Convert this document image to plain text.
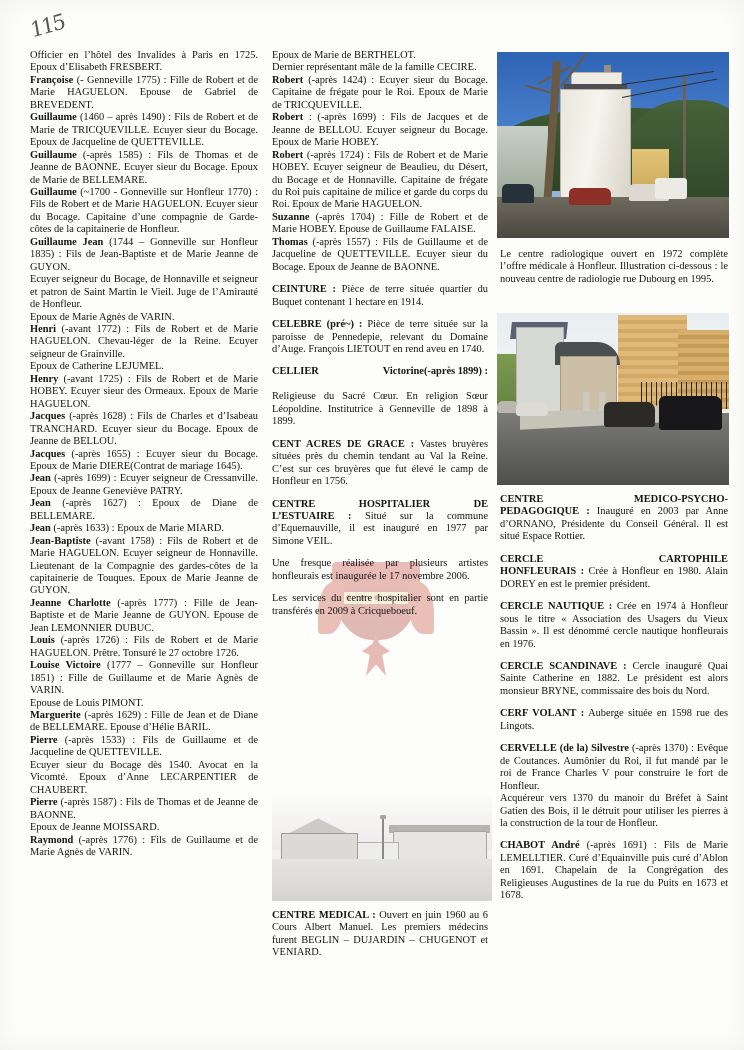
115

Officier en l’hôtel des Invalides à Paris en 1725. Epoux d’Elisabeth FRESBERT.

Françoise (- Genneville 1775) : Fille de Robert et de Marie HAGUELON. Epouse de Gabriel de BREVEDENT.

Guillaume (1460 – après 1490) : Fils de Robert et de Marie de TRICQUEVILLE. Ecuyer sieur du Bocage. Epoux de Jacqueline de QUETTEVILLE.

Guillaume (-après 1585) : Fils de Thomas et de Jeanne de BAONNE. Ecuyer sieur du Bocage. Epoux de Marie de BELLEMARE.

Guillaume (~1700 - Gonneville sur Honfleur 1770) : Fils de Robert et de Marie HAGUELON. Ecuyer sieur du Bocage. Capitaine d’une compagnie de Garde-côtes de la capitainerie de Honfleur.

Guillaume Jean (1744 – Gonneville sur Honfleur 1835) : Fils de Jean-Baptiste et de Marie Jeanne de GUYON.

Ecuyer seigneur du Bocage, de Honnaville et seigneur et patron de Saint Martin le Vieil. Juge de l’Amirauté de Honfleur.

Epoux de Marie Agnès de VARIN.

Henri (-avant 1772) : Fils de Robert et de Marie HAGUELON. Chevau-léger de la Reine. Ecuyer seigneur de Grainville.

Epoux de Catherine LEJUMEL.

Henry (-avant 1725) : Fils de Robert et de Marie HOBEY. Ecuyer sieur des Ormeaux. Epoux de Marie HAGUELON.

Jacques (-après 1628) : Fils de Charles et d’Isabeau TRANCHARD. Ecuyer sieur du Bocage. Epoux de Jeanne de BELLOU.

Jacques (-après 1655) : Ecuyer sieur du Bocage. Epoux de Marie DIERE(Contrat de mariage 1645).

Jean (-après 1699) : Ecuyer seigneur de Cressanville. Epoux de Jeanne Geneviève PATRY.

Jean (-après 1627) : Epoux de Diane de BELLEMARE.

Jean (-après 1633) : Epoux de Marie MIARD.

Jean-Baptiste (-avant 1758) : Fils de Robert et de Marie HAGUELON. Ecuyer seigneur de Honnaville. Lieutenant de la Compagnie des gardes-côtes de la capitainerie de Touques. Epoux de Marie Jeanne de GUYON.

Jeanne Charlotte (-après 1777) : Fille de Jean-Baptiste et de Marie Jeanne de GUYON. Epouse de Jean LEMONNIER DUBUC.

Louis (-après 1726) : Fils de Robert et de Marie HAGUELON. Prêtre. Tonsuré le 27 octobre 1726.

Louise Victoire (1777 – Gonneville sur Honfleur 1851) : Fille de Guillaume et de Marie Agnès de VARIN.

Epouse de Louis PIMONT.

Marguerite (-après 1629) : Fille de Jean et de Diane de BELLEMARE. Epouse d’Hélie BARIL.

Pierre (-après 1533) : Fils de Guillaume et de Jacqueline de QUETTEVILLE.

Ecuyer sieur du Bocage dès 1540. Avocat en la Vicomté. Epoux d’Anne LECARPENTIER de CHAUBERT.

Pierre (-après 1587) : Fils de Thomas et de Jeanne de BAONNE.

Epoux de Jeanne MOISSARD.

Raymond (-après 1776) : Fils de Guillaume et de Marie Agnès de VARIN.

Epoux de Marie de BERTHELOT.

Dernier représentant mâle de la famille CECIRE.

Robert (-après 1424) : Ecuyer sieur du Bocage. Capitaine de frégate pour le Roi. Epoux de Marie de TRICQUEVILLE.

Robert : (-après 1699) : Fils de Jacques et de Jeanne de BELLOU. Ecuyer seigneur du Bocage. Epoux de Marie HOBEY.

Robert (-après 1724) : Fils de Robert et de Marie HOBEY. Ecuyer seigneur de Beaulieu, du Désert, du Bocage et de Honnaville. Capitaine de frégate du Roi puis capitaine de milice et garde du corps du Roi. Epoux de Marie HAGUELON.

Suzanne (-après 1704) : Fille de Robert et de Marie HOBEY. Epouse de Guillaume FALAISE.

Thomas (-après 1557) : Fils de Guillaume et de Jacqueline de QUETTEVILLE. Ecuyer sieur du Bocage. Epoux de Jeanne de BAONNE.

CEINTURE : Pièce de terre située quartier du Buquet contenant 1 hectare en 1914.

CELEBRE (pré~) : Pièce de terre située sur la paroisse de Pennedepie, relevant du Domaine d’Auge. François LIETOUT en rend aveu en 1740.

CELLIER Victorine (-après 1899) :
Religieuse du Sacré Cœur. En religion Sœur Léopoldine. Institutrice à Genneville de 1898 à 1899.

CENT ACRES DE GRACE : Vastes bruyères situées près du chemin tendant au Val la Reine. C’est sur ces bruyères que fut élevé le camp de Honfleur en 1756.

CENTRE	HOSPITALIER	DE
L’ESTUAIRE : Situé sur la commune d’Equemauville, il est inauguré en 1977 par Simone VEIL.

Une fresque réalisée par plusieurs artistes honfleurais est inaugurée le 17 novembre 2006.

Les services du centre hospitalier sont en partie transférés en 2009 à Cricqueboeuf.

CENTRE MEDICAL : Ouvert en juin 1960 au 6 Cours Albert Manuel. Les premiers médecins furent BEGLIN – DUJARDIN – CHUGENOT et VENIARD.

Le centre radiologique ouvert en 1972 complète l’offre médicale à Honfleur. Illustration ci-dessous : le nouveau centre de radiologie rue Dubourg en 1995.

CENTRE	MEDICO-PSYCHO-
PEDAGOGIQUE : Inauguré en 2003 par Anne d’ORNANO, Présidente du Conseil Général. Il est situé Espace Rottier.

CERCLE	CARTOPHILE
HONFLEURAIS : Crée à Honfleur en 1980. Alain DOREY en est le premier président.

CERCLE NAUTIQUE : Crée en 1974 à Honfleur sous le titre « Association des Usagers du Vieux Bassin ». Il est dénommé cercle nautique honfleurais en 1976.

CERCLE SCANDINAVE : Cercle inauguré Quai Sainte Catherine en 1882. Le président est alors monsieur BRYNE, commissaire des bois du Nord.

CERF VOLANT : Auberge située en 1598 rue des Lingots.

CERVELLE (de la) Silvestre (-après 1370) : Evêque de Coutances. Aumônier du Roi, il fut mandé par le roi de France Charles V pour construire le fort de Honfleur.

Acquéreur vers 1370 du manoir du Bréfet à Saint Gatien des Bois, il le détruit pour utiliser les pierres à la construction de la tour de Honfleur.

CHABOT André (-après 1691) : Fils de Marie LEMELLTIER. Curé d’Equainville puis curé d’Ablon en 1691. Chapelain de la Congrégation des Religieuses Augustines de la rue du Puits en 1673 et 1678.
